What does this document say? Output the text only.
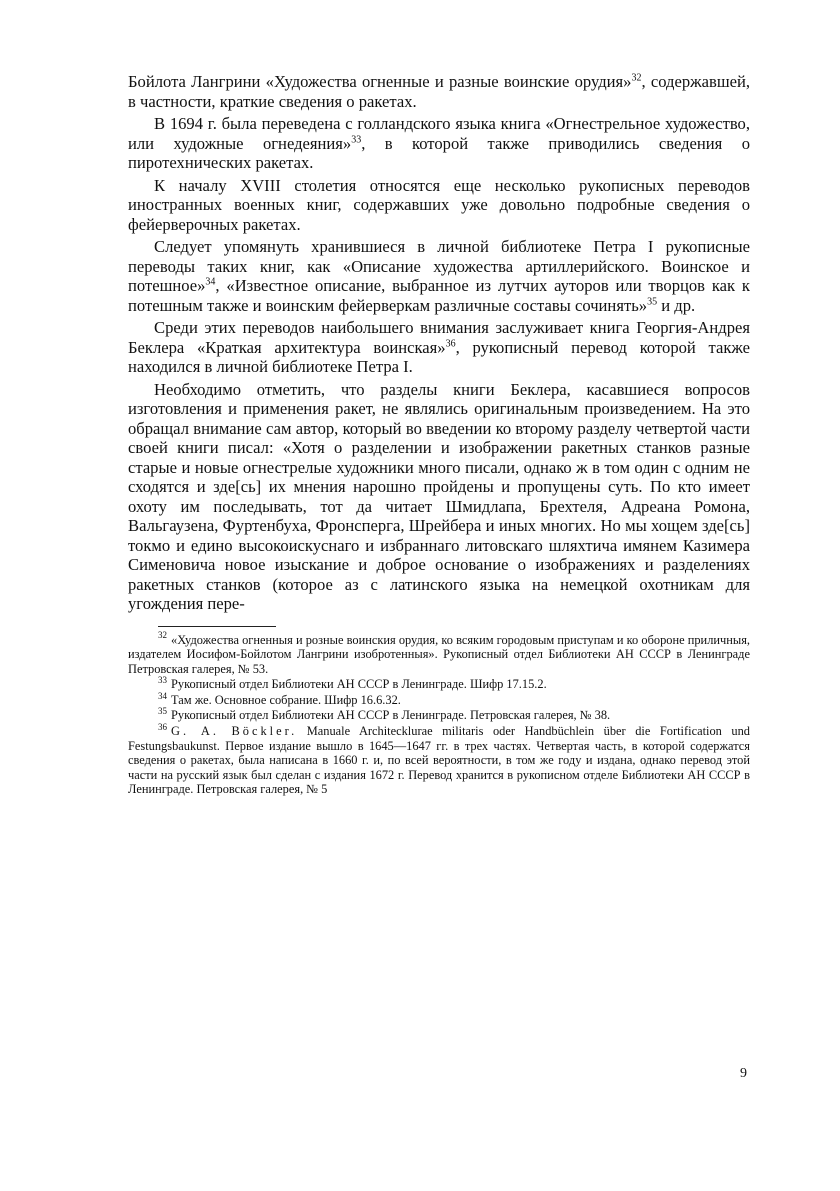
Бойлота Лангрини «Художества огненные и разные воинские орудия»$^{32}$, содержавшей, в частности, краткие сведения о ракетах.

В 1694 г. была переведена с голландского языка книга «Огнестрельное художество, или художные огнедеяния»$^{33}$, в которой также приводились сведения о пиротехнических ракетах.

К началу XVIII столетия относятся еще несколько рукописных переводов иностранных военных книг, содержавших уже довольно подробные сведения о фейерверочных ракетах.

Следует упомянуть хранившиеся в личной библиотеке Петра I рукописные переводы таких книг, как «Описание художества артиллерийского. Воинское и потешное»$^{34}$, «Известное описание, выбранное из лутчих ауторов или творцов как к потешным также и воинским фейерверкам различные составы сочинять»$^{35}$ и др.

Среди этих переводов наибольшего внимания заслуживает книга Георгия-Андрея Беклера «Краткая архитектура воинская»$^{36}$, рукописный перевод которой также находился в личной библиотеке Петра I.

Необходимо отметить, что разделы книги Беклера, касавшиеся вопросов изготовления и применения ракет, не являлись оригинальным произведением. На это обращал внимание сам автор, который во введении ко второму разделу четвертой части своей книги писал: «Хотя о разделении и изображении ракетных станков разные старые и новые огнестрелые художники много писали, однако ж в том один с одним не сходятся и зде[сь] их мнения нарошно пройдены и пропущены суть. По кто имеет охоту им последывать, тот да читает Шмидлапа, Брехтеля, Адреана Ромона, Вальгаузена, Фуртенбуха, Фронсперга, Шрейбера и иных многих. Но мы хощем зде[сь] токмо и едино высокоискуснаго и избраннаго литовскаго шляхтича имянем Казимера Сименовича новое изыскание и доброе основание о изображениях и разделениях ракетных станков (которое аз с латинского языка на немецкой охотникам для угождения пере-

$^{32}$ «Художества огненныя и розные воинския орудия, ко всяким городовым приступам и ко обороне приличныя, издателем Иосифом-Бойлотом Лангрини изобротенныя». Рукописный отдел Библиотеки АН СССР в Ленинграде Петровская галерея, № 53.

$^{33}$ Рукописный отдел Библиотеки АН СССР в Ленинграде. Шифр 17.15.2.

$^{34}$ Там же. Основное собрание. Шифр 16.6.32.

$^{35}$ Рукописный отдел Библиотеки АН СССР в Ленинграде. Петровская галерея, № 38.

$^{36}$ G. A. Böckler. Manuale Architecklurae militaris oder Handbüchlein über die Fortification und Festungsbaukunst. Первое издание вышло в 1645—1647 гг. в трех частях. Четвертая часть, в которой содержатся сведения о ракетах, была написана в 1660 г. и, по всей вероятности, в том же году и издана, однако перевод этой части на русский язык был сделан с издания 1672 г. Перевод хранится в рукописном отделе Библиотеки АН СССР в Ленинграде. Петровская галерея, № 5

9
